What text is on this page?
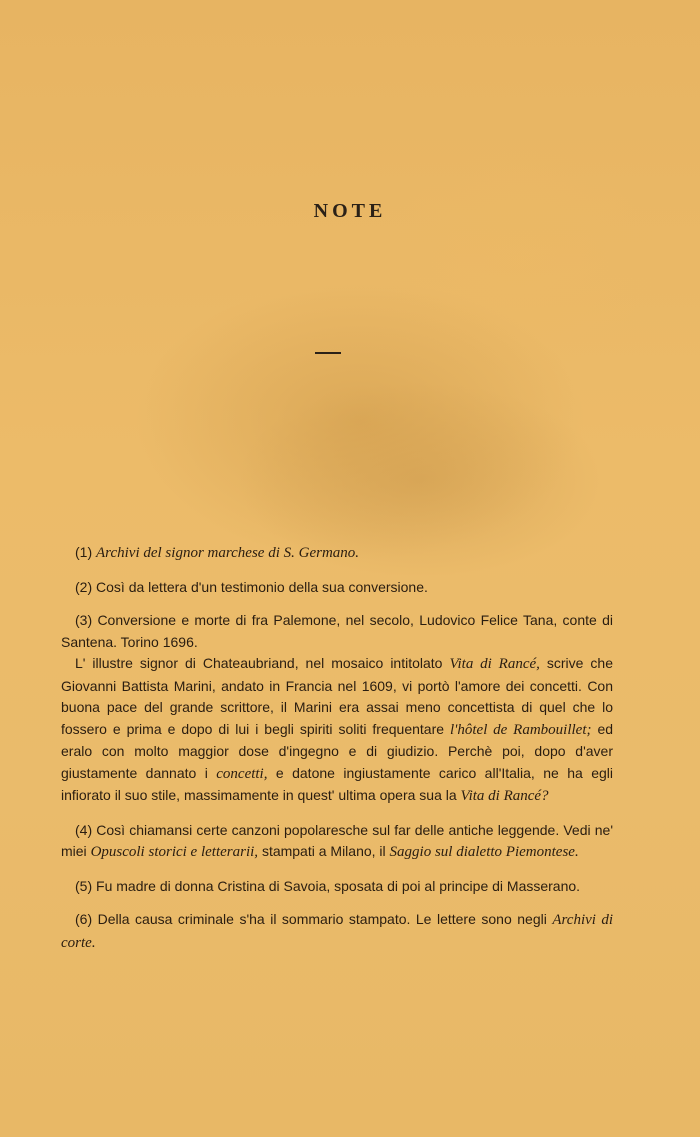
NOTE

(1) Archivi del signor marchese di S. Germano.

(2) Così da lettera d'un testimonio della sua conversione.

(3) Conversione e morte di fra Palemone, nel secolo, Ludovico Felice Tana, conte di Santena. Torino 1696.

L' illustre signor di Chateaubriand, nel mosaico intitolato Vita di Rancé, scrive che Giovanni Battista Marini, andato in Francia nel 1609, vi portò l'amore dei concetti. Con buona pace del grande scrittore, il Marini era assai meno concettista di quel che lo fossero e prima e dopo di lui i begli spiriti soliti frequentare l'hôtel de Rambouillet; ed eralo con molto maggior dose d'ingegno e di giudizio. Perchè poi, dopo d'aver giustamente dannato i concetti, e datone ingiustamente carico all'Italia, ne ha egli infiorato il suo stile, massimamente in quest' ultima opera sua la Vita di Rancé?

(4) Così chiamansi certe canzoni popolaresche sul far delle antiche leggende. Vedi ne' miei Opuscoli storici e letterarii, stampati a Milano, il Saggio sul dialetto Piemontese.

(5) Fu madre di donna Cristina di Savoia, sposata di poi al principe di Masserano.

(6) Della causa criminale s'ha il sommario stampato. Le lettere sono negli Archivi di corte.
